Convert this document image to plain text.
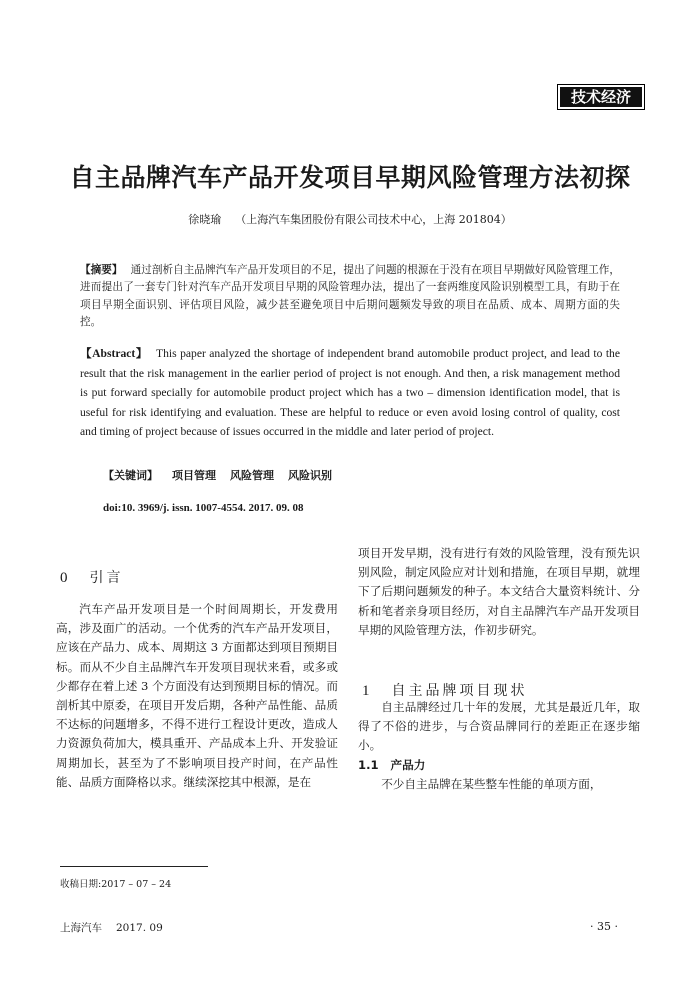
技术经济
自主品牌汽车产品开发项目早期风险管理方法初探
徐晓瑜 （上海汽车集团股份有限公司技术中心，上海 201804）
【摘要】 通过剖析自主品牌汽车产品开发项目的不足，提出了问题的根源在于没有在项目早期做好风险管理工作，进而提出了一套专门针对汽车产品开发项目早期的风险管理办法，提出了一套两维度风险识别模型工具，有助于在项目早期全面识别、评估项目风险，减少甚至避免项目中后期问题频发导致的项目在品质、成本、周期方面的失控。
【Abstract】 This paper analyzed the shortage of independent brand automobile product project, and lead to the result that the risk management in the earlier period of project is not enough. And then, a risk management method is put forward specially for automobile product project which has a two – dimension identification model, that is useful for risk identifying and evaluation. These are helpful to reduce or even avoid losing control of quality, cost and timing of project because of issues occurred in the middle and later period of project.
【关键词】 项目管理 风险管理 风险识别
doi:10. 3969/j. issn. 1007-4554. 2017. 09. 08
0 引言

汽车产品开发项目是一个时间周期长，开发费用高，涉及面广的活动。一个优秀的汽车产品开发项目，应该在产品力、成本、周期这 3 方面都达到项目预期目标。而从不少自主品牌汽车开发项目现状来看，或多或少都存在着上述 3 个方面没有达到预期目标的情况。而剖析其中原委，在项目开发后期，各种产品性能、品质不达标的问题增多，不得不进行工程设计更改，造成人力资源负荷加大，模具重开、产品成本上升、开发验证周期加长，甚至为了不影响项目投产时间，在产品性能、品质方面降格以求。继续深挖其中根源，是在

项目开发早期，没有进行有效的风险管理，没有预先识别风险，制定风险应对计划和措施，在项目早期，就埋下了后期问题频发的种子。本文结合大量资料统计、分析和笔者亲身项目经历，对自主品牌汽车产品开发项目早期的风险管理方法，作初步研究。

自主品牌经过几十年的发展，尤其是最近几年，取得了不俗的进步，与合资品牌同行的差距正在逐步缩小。

1.1 产品力

不少自主品牌在某些整车性能的单项方面，

1 自主品牌项目现状
收稿日期:2017 – 07 – 24
上海汽车 2017. 09	· 35 ·
